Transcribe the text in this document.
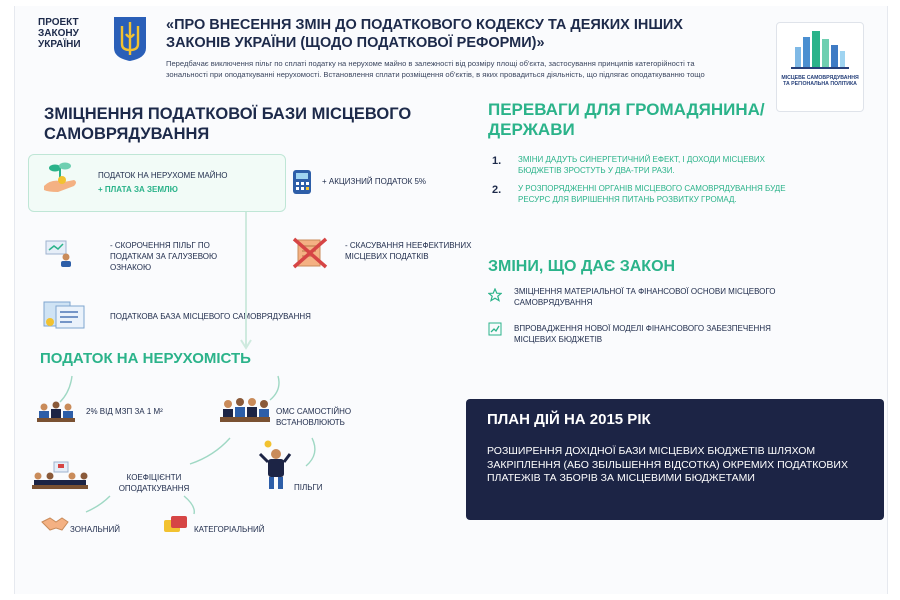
ПРОЕКТ
ЗАКОНУ
УКРАЇНИ
«ПРО ВНЕСЕННЯ ЗМІН ДО ПОДАТКОВОГО КОДЕКСУ ТА ДЕЯКИХ ІНШИХ ЗАКОНІВ УКРАЇНИ (ЩОДО ПОДАТКОВОЇ РЕФОРМИ)»
Передбачає виключення пільг по сплаті податку на нерухоме майно в залежності від розміру площі об'єкта, застосування принципів категорійності та зональності при оподаткуванні нерухомості. Встановлення сплати розміщення об'єктів, в яких провадиться діяльність, що підлягає оподаткуванню тощо	МІСЦЕВЕ САМОВРЯДУВАННЯ ТА РЕГІОНАЛЬНА ПОЛІТИКА
ЗМІЦНЕННЯ ПОДАТКОВОЇ БАЗИ МІСЦЕВОГО САМОВРЯДУВАННЯ
ПОДАТОК НА НЕРУХОМЕ МАЙНО
+ ПЛАТА ЗА ЗЕМЛЮ
+ АКЦИЗНИЙ ПОДАТОК 5%
- СКОРОЧЕННЯ ПІЛЬГ ПО ПОДАТКАМ ЗА ГАЛУЗЕВОЮ ОЗНАКОЮ
- СКАСУВАННЯ НЕЕФЕКТИВНИХ МІСЦЕВИХ ПОДАТКІВ
ПОДАТКОВА БАЗА МІСЦЕВОГО САМОВРЯДУВАННЯ
ПОДАТОК НА НЕРУХОМІСТЬ
2% ВІД МЗП ЗА 1 М²	ОМС САМОСТІЙНО ВСТАНОВЛЮЮТЬ
КОЕФІЦІЄНТИ ОПОДАТКУВАННЯ	ПІЛЬГИ
ЗОНАЛЬНИЙ	КАТЕГОРІАЛЬНИЙ
ПЕРЕВАГИ ДЛЯ ГРОМАДЯНИНА/ДЕРЖАВИ
1. ЗМІНИ ДАДУТЬ СИНЕРГЕТИЧНИЙ ЕФЕКТ, І ДОХОДИ МІСЦЕВИХ БЮДЖЕТІВ ЗРОСТУТЬ У ДВА-ТРИ РАЗИ.
2. У РОЗПОРЯДЖЕННІ ОРГАНІВ МІСЦЕВОГО САМОВРЯДУВАННЯ БУДЕ РЕСУРС ДЛЯ ВИРІШЕННЯ ПИТАНЬ РОЗВИТКУ ГРОМАД.
ЗМІНИ, ЩО ДАЄ ЗАКОН
ЗМІЦНЕННЯ МАТЕРІАЛЬНОЇ ТА ФІНАНСОВОЇ ОСНОВИ МІСЦЕВОГО САМОВРЯДУВАННЯ
ВПРОВАДЖЕННЯ НОВОЇ МОДЕЛІ ФІНАНСОВОГО ЗАБЕЗПЕЧЕННЯ МІСЦЕВИХ БЮДЖЕТІВ
ПЛАН ДІЙ НА 2015 РІК
РОЗШИРЕННЯ ДОХІДНОЇ БАЗИ МІСЦЕВИХ БЮДЖЕТІВ ШЛЯХОМ ЗАКРІПЛЕННЯ (АБО ЗБІЛЬШЕННЯ ВІДСОТКА) ОКРЕМИХ ПОДАТКОВИХ ПЛАТЕЖІВ ТА ЗБОРІВ ЗА МІСЦЕВИМИ БЮДЖЕТАМИ
